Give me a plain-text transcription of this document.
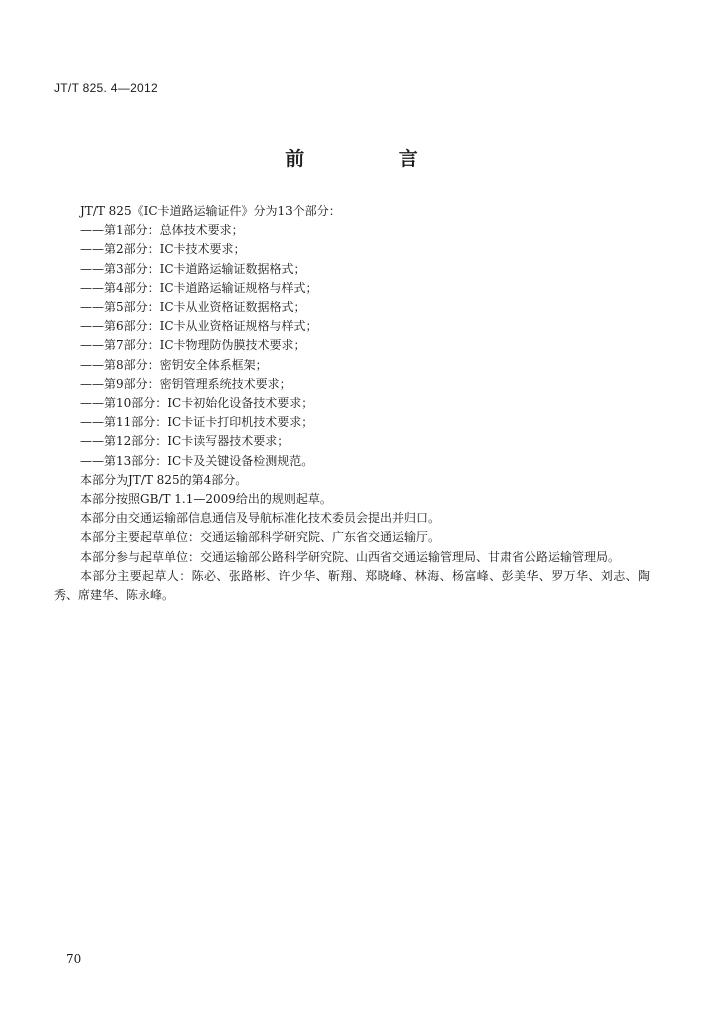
JT/T 825. 4—2012
前 言
JT/T 825《IC卡道路运输证件》分为13个部分：
——第1部分：总体技术要求；
——第2部分：IC卡技术要求；
——第3部分：IC卡道路运输证数据格式；
——第4部分：IC卡道路运输证规格与样式；
——第5部分：IC卡从业资格证数据格式；
——第6部分：IC卡从业资格证规格与样式；
——第7部分：IC卡物理防伪膜技术要求；
——第8部分：密钥安全体系框架；
——第9部分：密钥管理系统技术要求；
——第10部分：IC卡初始化设备技术要求；
——第11部分：IC卡证卡打印机技术要求；
——第12部分：IC卡读写器技术要求；
——第13部分：IC卡及关键设备检测规范。
本部分为JT/T 825的第4部分。
本部分按照GB/T 1.1—2009给出的规则起草。
本部分由交通运输部信息通信及导航标准化技术委员会提出并归口。
本部分主要起草单位：交通运输部科学研究院、广东省交通运输厅。
本部分参与起草单位：交通运输部公路科学研究院、山西省交通运输管理局、甘肃省公路运输管理局。
本部分主要起草人：陈必、张路彬、许少华、靳翔、郑晓峰、林海、杨富峰、彭美华、罗万华、刘志、陶秀、席建华、陈永峰。
70
